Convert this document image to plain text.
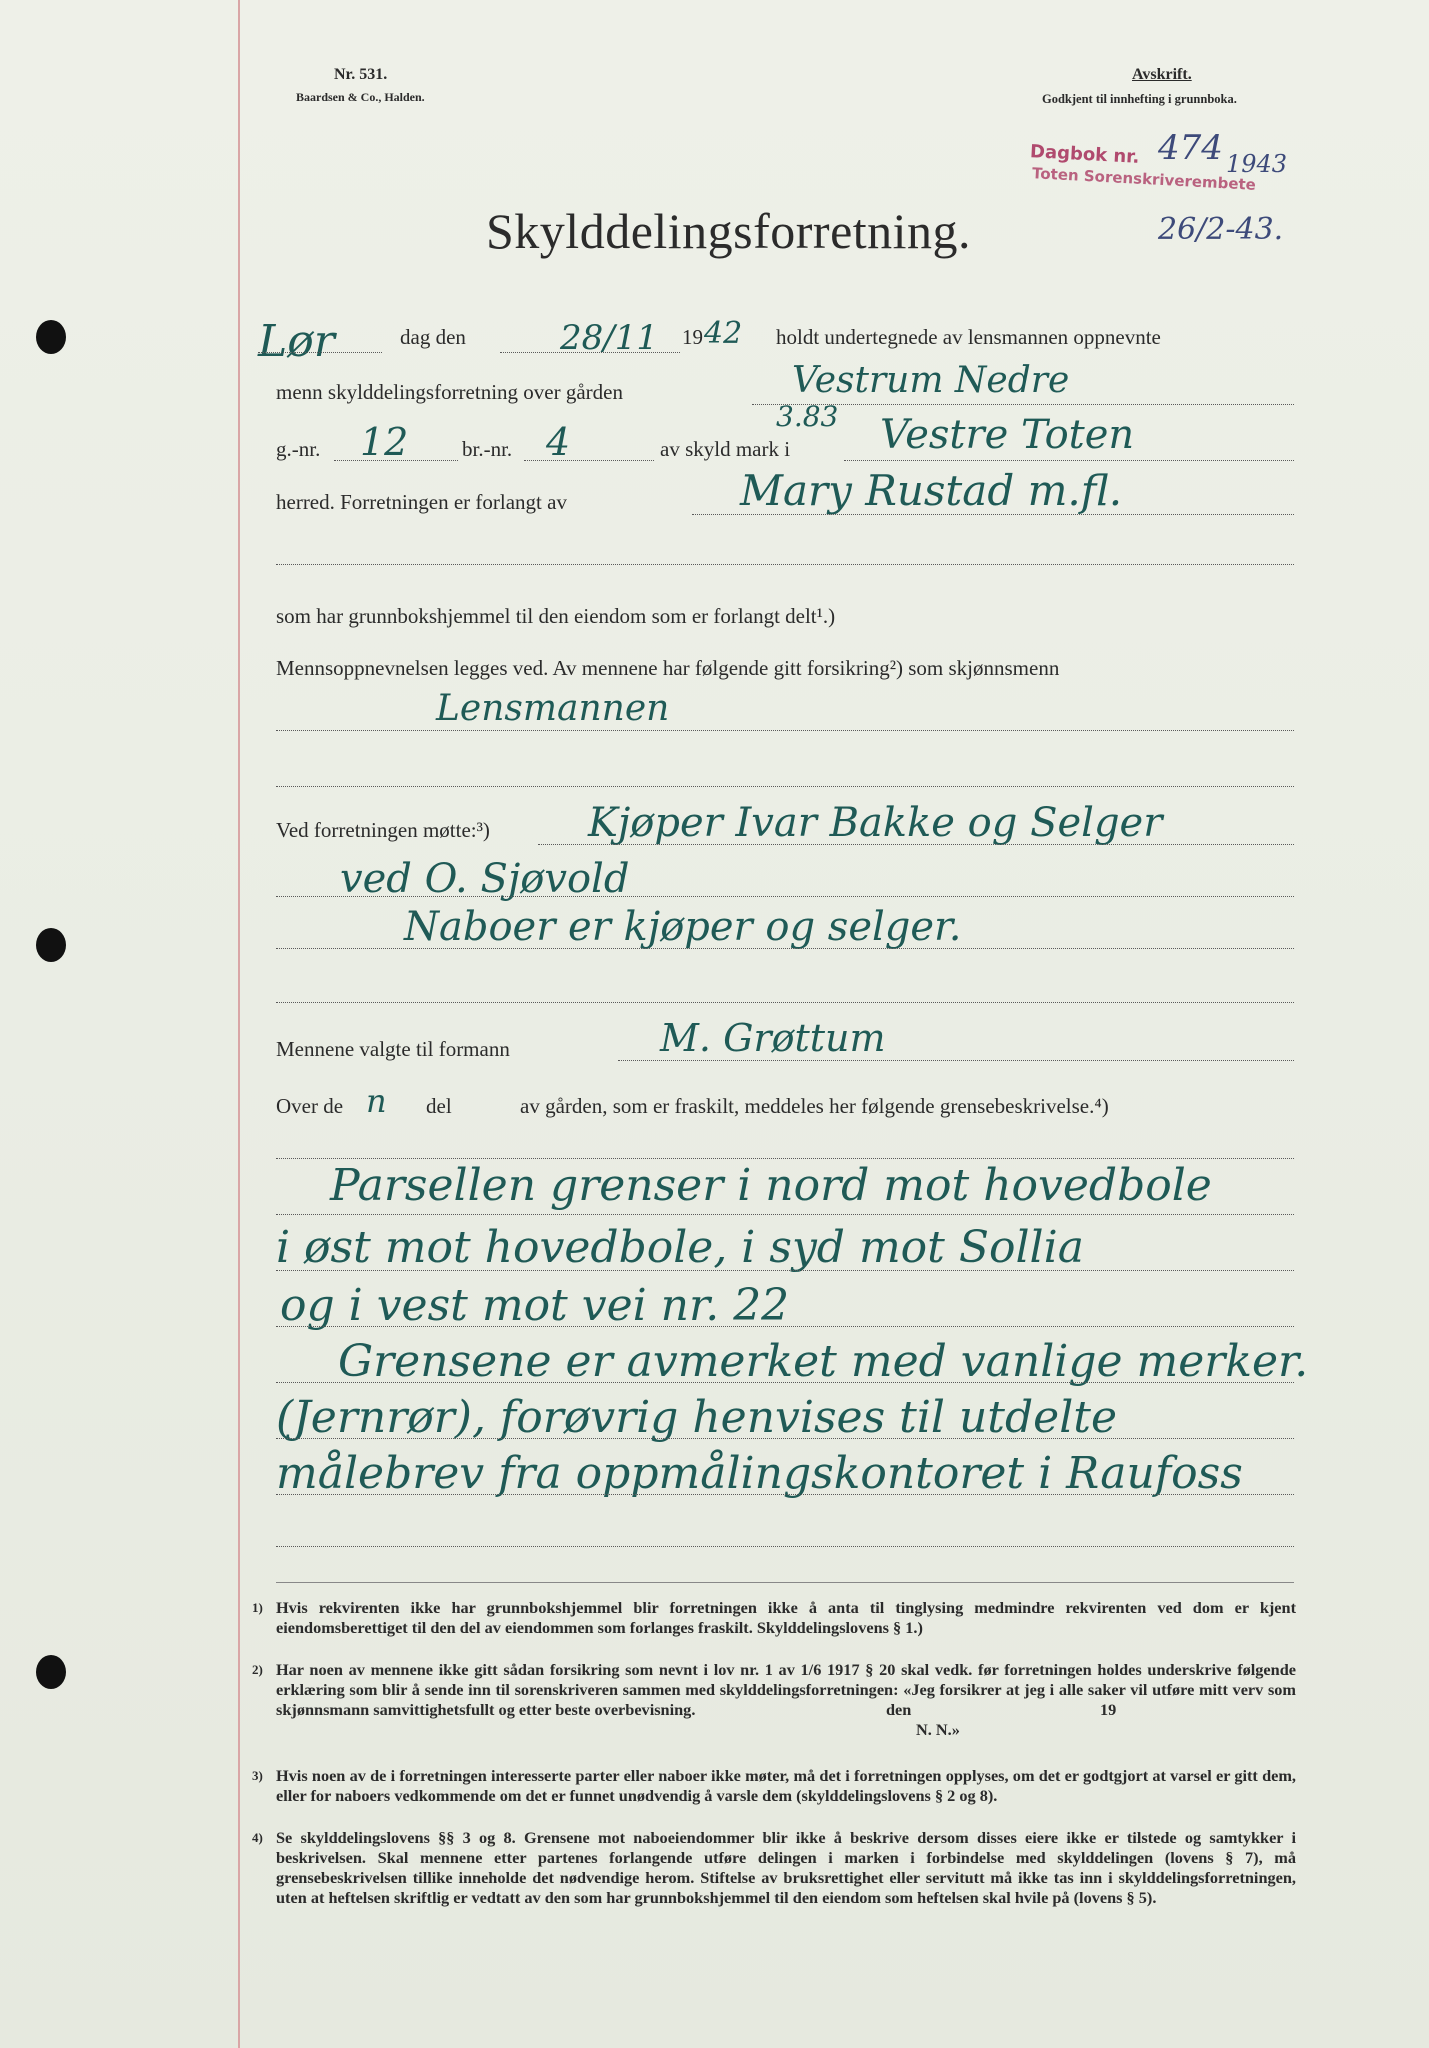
Nr. 531.
Baardsen & Co., Halden.
Avskrift.
Godkjent til innhefting i grunnboka.
Dagbok nr. 474 1943
Toten Sorenskriverembete
26/2-43.
Skylddelingsforretning.
Lør	dag den	28/11 19 42 holdt undertegnede av lensmannen oppnevnte
menn skylddelingsforretning over gården	Vestrum Nedre
g.-nr. 12	br.-nr. 4	av skyld mark i
3.83 Vestre Toten
herred. Forretningen er forlangt av	Mary Rustad m.fl.
som har grunnbokshjemmel til den eiendom som er forlangt delt¹.)
Mennsoppnevnelsen legges ved. Av mennene har følgende gitt forsikring²) som skjønnsmenn
Lensmannen
Ved forretningen møtte:³) Kjøper Ivar Bakke og Selger
ved O. Sjøvold
Naboer er kjøper og selger.
Mennene valgte til formann	M. Grøttum
Over de n del	av gården, som er fraskilt, meddeles her følgende grensebeskrivelse.⁴)
Parsellen grenser i nord mot hovedbole
i øst mot hovedbole, i syd mot Sollia
og i vest mot vei nr. 22
Grensene er avmerket med vanlige merker.
(Jernrør), forøvrig henvises til utdelte
målebrev fra oppmålingskontoret i Raufoss
1) Hvis rekvirenten ikke har grunnbokshjemmel blir forretningen ikke å anta til tinglysing medmindre rekvirenten ved dom er kjent eiendomsberettiget til den del av eiendommen som forlanges fraskilt. Skylddelingslovens § 1.)

2) Har noen av mennene ikke gitt sådan forsikring som nevnt i lov nr. 1 av 1/6 1917 § 20 skal vedk. før forretningen holdes underskrive følgende erklæring som blir å sende inn til sorenskriveren sammen med skylddelingsforretningen: «Jeg forsikrer at jeg i alle saker vil utføre mitt verv som skjønnsmann samvittighetsfullt og etter beste overbevisning.	den	19
N. N.»
3) Hvis noen av de i forretningen interesserte parter eller naboer ikke møter, må det i forretningen opplyses, om det er godtgjort at varsel er gitt dem, eller for naboers vedkommende om det er funnet unødvendig å varsle dem (skylddelingslovens § 2 og 8).

4) Se skylddelingslovens §§ 3 og 8. Grensene mot naboeiendommer blir ikke å beskrive dersom disses eiere ikke er tilstede og samtykker i beskrivelsen. Skal mennene etter partenes forlangende utføre delingen i marken i forbindelse med skylddelingen (lovens § 7), må grensebeskrivelsen tillike inneholde det nødvendige herom. Stiftelse av bruksrettighet eller servitutt må ikke tas inn i skylddelingsforretningen, uten at heftelsen skriftlig er vedtatt av den som har grunnbokshjemmel til den eiendom som heftelsen skal hvile på (lovens § 5).
